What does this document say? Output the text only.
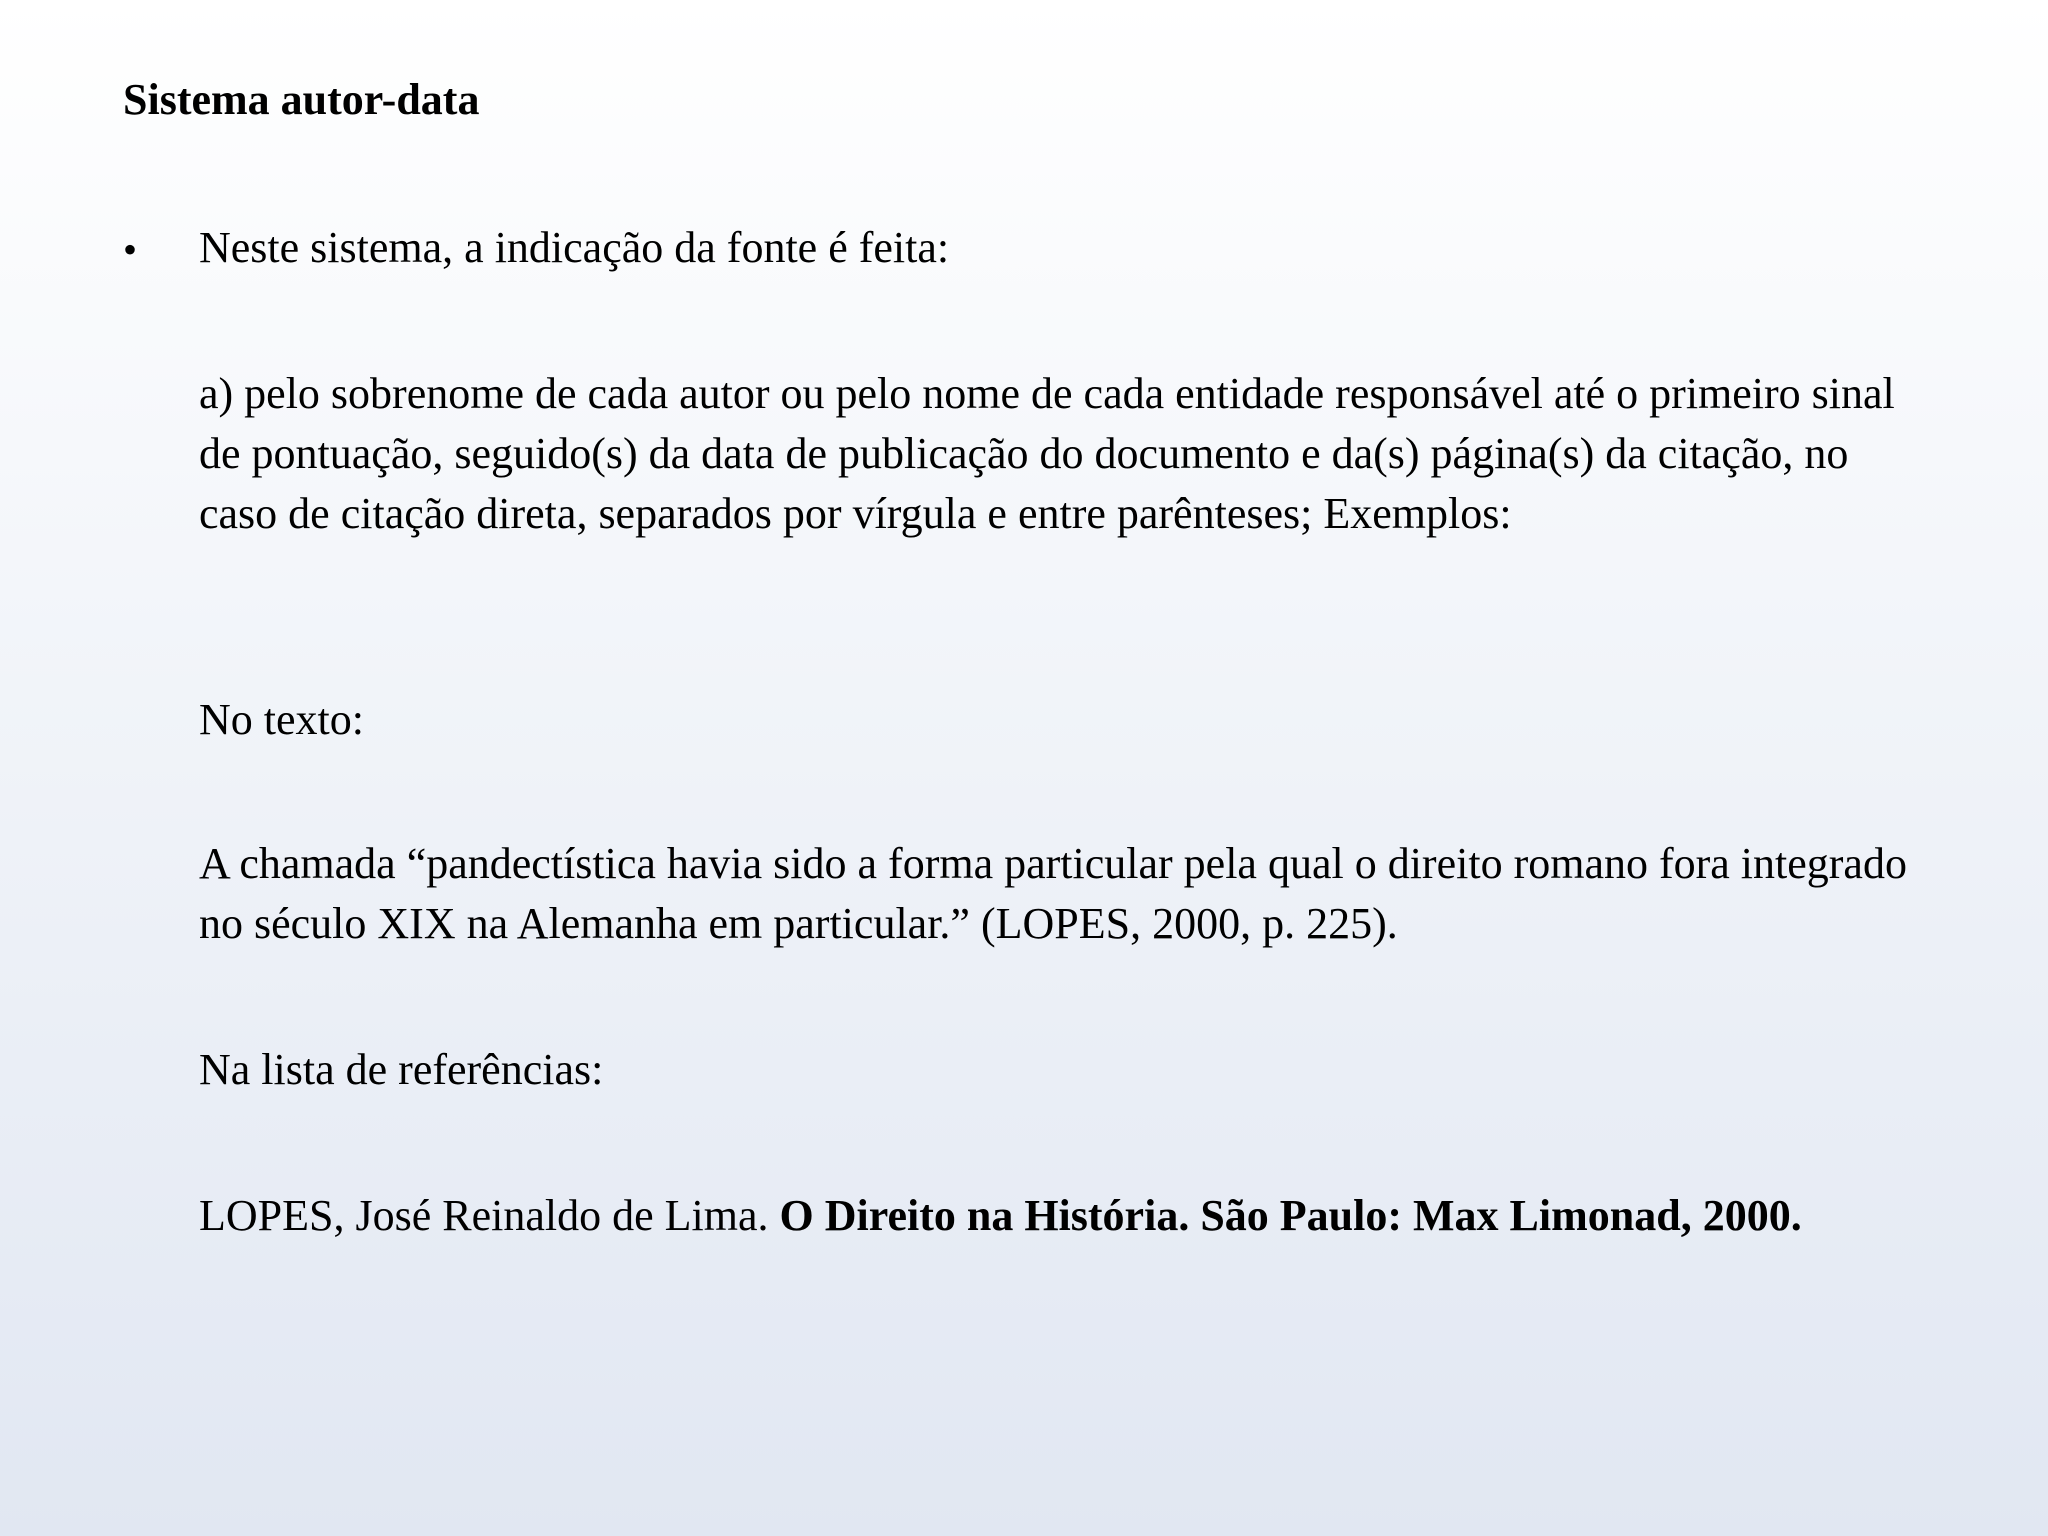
Sistema autor-data
• Neste sistema, a indicação da fonte é feita:

a) pelo sobrenome de cada autor ou pelo nome de cada entidade responsável até o primeiro sinal de pontuação, seguido(s) da data de publicação do documento e da(s) página(s) da citação, no caso de citação direta, separados por vírgula e entre parênteses; Exemplos:

No texto:

A chamada “pandectística havia sido a forma particular pela qual o direito romano fora integrado no século XIX na Alemanha em particular.” (LOPES, 2000, p. 225).

Na lista de referências:

LOPES, José Reinaldo de Lima. O Direito na História. São Paulo: Max Limonad, 2000.
